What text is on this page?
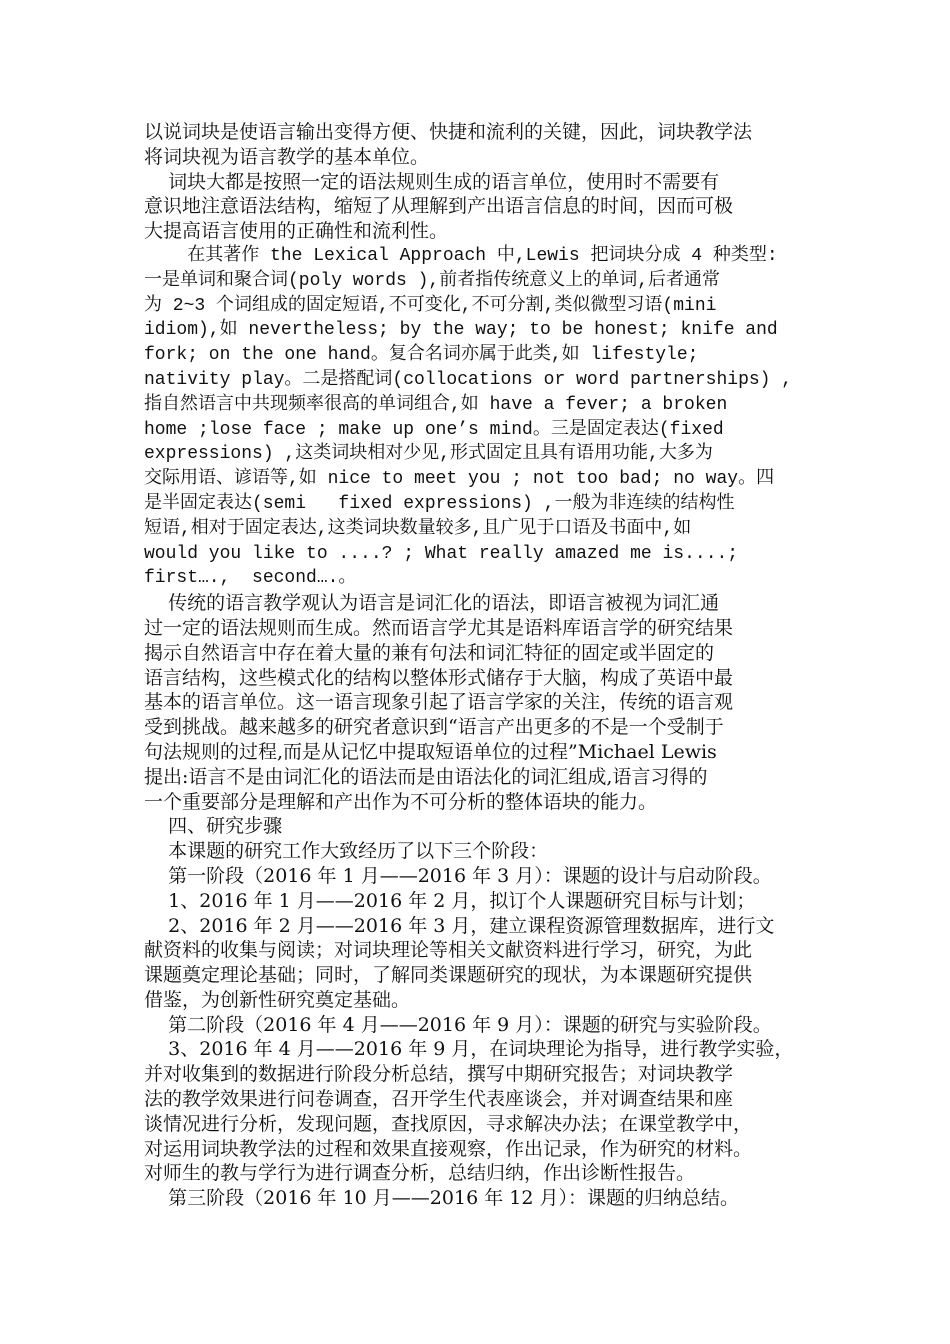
以说词块是使语言输出变得方便、快捷和流利的关键，因此，词块教学法
将词块视为语言教学的基本单位。
词块大都是按照一定的语法规则生成的语言单位，使用时不需要有
意识地注意语法结构，缩短了从理解到产出语言信息的时间，因而可极
大提高语言使用的正确性和流利性。
在其著作 the Lexical Approach 中,Lewis 把词块分成 4 种类型:
一是单词和聚合词(poly words ),前者指传统意义上的单词,后者通常
为 2~3 个词组成的固定短语,不可变化,不可分割,类似微型习语(mini
idiom),如 nevertheless; by the way; to be honest; knife and
fork; on the one hand。复合名词亦属于此类,如 lifestyle;
nativity play。二是搭配词(collocations or word partnerships) ,
指自然语言中共现频率很高的单词组合,如 have a fever; a broken
home ;lose face ; make up one’s mind。三是固定表达(fixed
expressions) ,这类词块相对少见,形式固定且具有语用功能,大多为
交际用语、谚语等,如 nice to meet you ; not too bad; no way。四
是半固定表达(semi   fixed expressions) ,一般为非连续的结构性
短语,相对于固定表达,这类词块数量较多,且广见于口语及书面中,如
would you like to ....? ; What really amazed me is....;
first….,  second….。
传统的语言教学观认为语言是词汇化的语法，即语言被视为词汇通
过一定的语法规则而生成。然而语言学尤其是语料库语言学的研究结果
揭示自然语言中存在着大量的兼有句法和词汇特征的固定或半固定的
语言结构，这些模式化的结构以整体形式储存于大脑，构成了英语中最
基本的语言单位。这一语言现象引起了语言学家的关注，传统的语言观
受到挑战。越来越多的研究者意识到“语言产出更多的不是一个受制于
句法规则的过程,而是从记忆中提取短语单位的过程”Michael Lewis
提出:语言不是由词汇化的语法而是由语法化的词汇组成,语言习得的
一个重要部分是理解和产出作为不可分析的整体语块的能力。
四、研究步骤
本课题的研究工作大致经历了以下三个阶段：
第一阶段（2016 年 1 月——2016 年 3 月）：课题的设计与启动阶段。
1、2016 年 1 月——2016 年 2 月，拟订个人课题研究目标与计划；
2、2016 年 2 月——2016 年 3 月，建立课程资源管理数据库，进行文
献资料的收集与阅读；对词块理论等相关文献资料进行学习，研究，为此
课题奠定理论基础；同时，了解同类课题研究的现状，为本课题研究提供
借鉴，为创新性研究奠定基础。
第二阶段（2016 年 4 月——2016 年 9 月）：课题的研究与实验阶段。
3、2016 年 4 月——2016 年 9 月，在词块理论为指导，进行教学实验，
并对收集到的数据进行阶段分析总结，撰写中期研究报告；对词块教学
法的教学效果进行问卷调查，召开学生代表座谈会，并对调查结果和座
谈情况进行分析，发现问题，查找原因，寻求解决办法；在课堂教学中，
对运用词块教学法的过程和效果直接观察，作出记录，作为研究的材料。
对师生的教与学行为进行调查分析，总结归纳，作出诊断性报告。
第三阶段（2016 年 10 月——2016 年 12 月）：课题的归纳总结。
